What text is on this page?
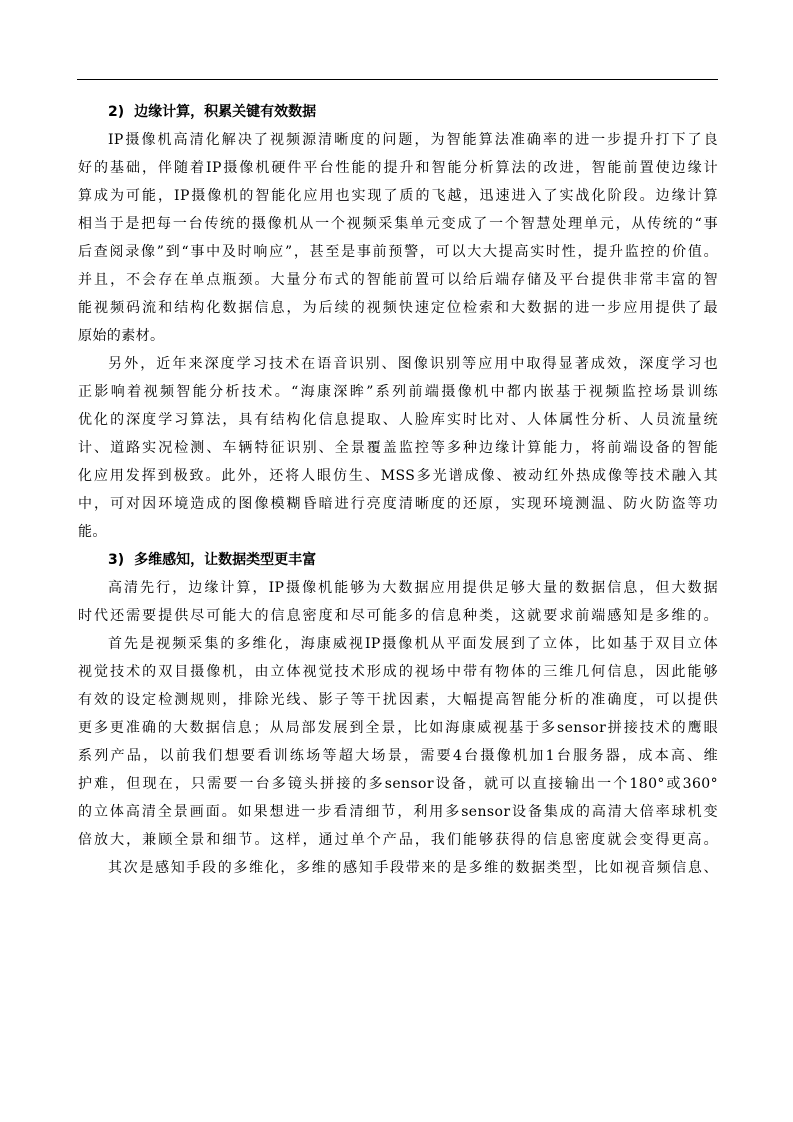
2) 边缘计算，积累关键有效数据
IP摄像机高清化解决了视频源清晰度的问题，为智能算法准确率的进一步提升打下了良
好的基础，伴随着IP摄像机硬件平台性能的提升和智能分析算法的改进，智能前置使边缘计
算成为可能，IP摄像机的智能化应用也实现了质的飞越，迅速进入了实战化阶段。边缘计算
相当于是把每一台传统的摄像机从一个视频采集单元变成了一个智慧处理单元，从传统的“事
后查阅录像”到“事中及时响应”，甚至是事前预警，可以大大提高实时性，提升监控的价值。
并且，不会存在单点瓶颈。大量分布式的智能前置可以给后端存储及平台提供非常丰富的智
能视频码流和结构化数据信息，为后续的视频快速定位检索和大数据的进一步应用提供了最
原始的素材。
另外，近年来深度学习技术在语音识别、图像识别等应用中取得显著成效，深度学习也
正影响着视频智能分析技术。“海康深眸”系列前端摄像机中都内嵌基于视频监控场景训练
优化的深度学习算法，具有结构化信息提取、人脸库实时比对、人体属性分析、人员流量统
计、道路实况检测、车辆特征识别、全景覆盖监控等多种边缘计算能力，将前端设备的智能
化应用发挥到极致。此外，还将人眼仿生、MSS多光谱成像、被动红外热成像等技术融入其
中，可对因环境造成的图像模糊昏暗进行亮度清晰度的还原，实现环境测温、防火防盗等功
能。
3) 多维感知，让数据类型更丰富
高清先行，边缘计算，IP摄像机能够为大数据应用提供足够大量的数据信息，但大数据
时代还需要提供尽可能大的信息密度和尽可能多的信息种类，这就要求前端感知是多维的。
首先是视频采集的多维化，海康威视IP摄像机从平面发展到了立体，比如基于双目立体
视觉技术的双目摄像机，由立体视觉技术形成的视场中带有物体的三维几何信息，因此能够
有效的设定检测规则，排除光线、影子等干扰因素，大幅提高智能分析的准确度，可以提供
更多更准确的大数据信息；从局部发展到全景，比如海康威视基于多sensor拼接技术的鹰眼
系列产品，以前我们想要看训练场等超大场景，需要4台摄像机加1台服务器，成本高、维
护难，但现在，只需要一台多镜头拼接的多sensor设备，就可以直接输出一个180°或360°
的立体高清全景画面。如果想进一步看清细节，利用多sensor设备集成的高清大倍率球机变
倍放大，兼顾全景和细节。这样，通过单个产品，我们能够获得的信息密度就会变得更高。
其次是感知手段的多维化，多维的感知手段带来的是多维的数据类型，比如视音频信息、
